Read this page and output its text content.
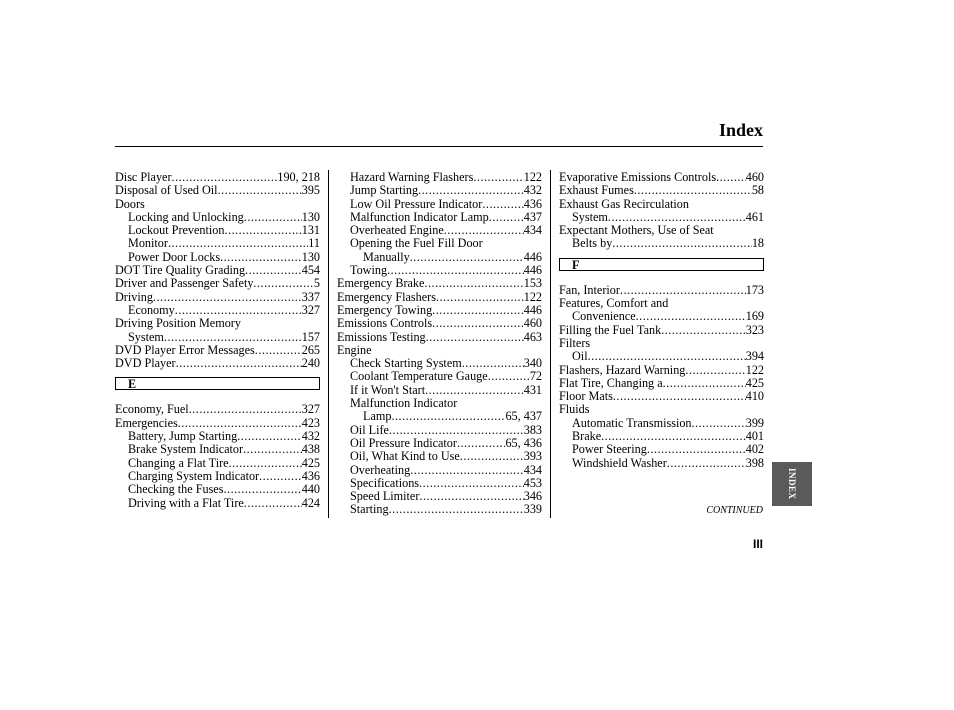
Index
Disc Player .....	190, 218
Disposal of Used Oil .....	395
Doors
Locking and Unlocking .....	130
Lockout Prevention .....	131
Monitor .....	11
Power Door Locks .....	130
DOT Tire Quality Grading .....	454
Driver and Passenger Safety .....	5
Driving .....	337
Economy .....	327
Driving Position Memory
System .....	157
DVD Player Error Messages .....	265
DVD Player .....	240
E
Economy, Fuel .....	327
Emergencies .....	423
Battery, Jump Starting .....	432
Brake System Indicator .....	438
Changing a Flat Tire .....	425
Charging System Indicator .....	436
Checking the Fuses .....	440
Driving with a Flat Tire .....	424
Hazard Warning Flashers .....	122
Jump Starting .....	432
Low Oil Pressure Indicator .....	436
Malfunction Indicator Lamp .....	437
Overheated Engine .....	434
Opening the Fuel Fill Door
Manually .....	446
Towing .....	446
Emergency Brake .....	153
Emergency Flashers .....	122
Emergency Towing .....	446
Emissions Controls .....	460
Emissions Testing .....	463
Engine
Check Starting System .....	340
Coolant Temperature Gauge .....	72
If it Won't Start .....	431
Malfunction Indicator
Lamp .....	65, 437
Oil Life .....	383
Oil Pressure Indicator .....	65, 436
Oil, What Kind to Use .....	393
Overheating .....	434
Specifications .....	453
Speed Limiter .....	346
Starting .....	339
Evaporative Emissions Controls ..... 460
Exhaust Fumes .....	58
Exhaust Gas Recirculation
System .....	461
Expectant Mothers, Use of Seat
Belts by .....	18
F
Fan, Interior .....	173
Features, Comfort and
Convenience .....	169
Filling the Fuel Tank .....	323
Filters
Oil .....	394
Flashers, Hazard Warning .....	122
Flat Tire, Changing a .....	425
Floor Mats .....	410
Fluids
Automatic Transmission .....	399
Brake .....	401
Power Steering .....	402
Windshield Washer .....	398
CONTINUED
III
INDEX
